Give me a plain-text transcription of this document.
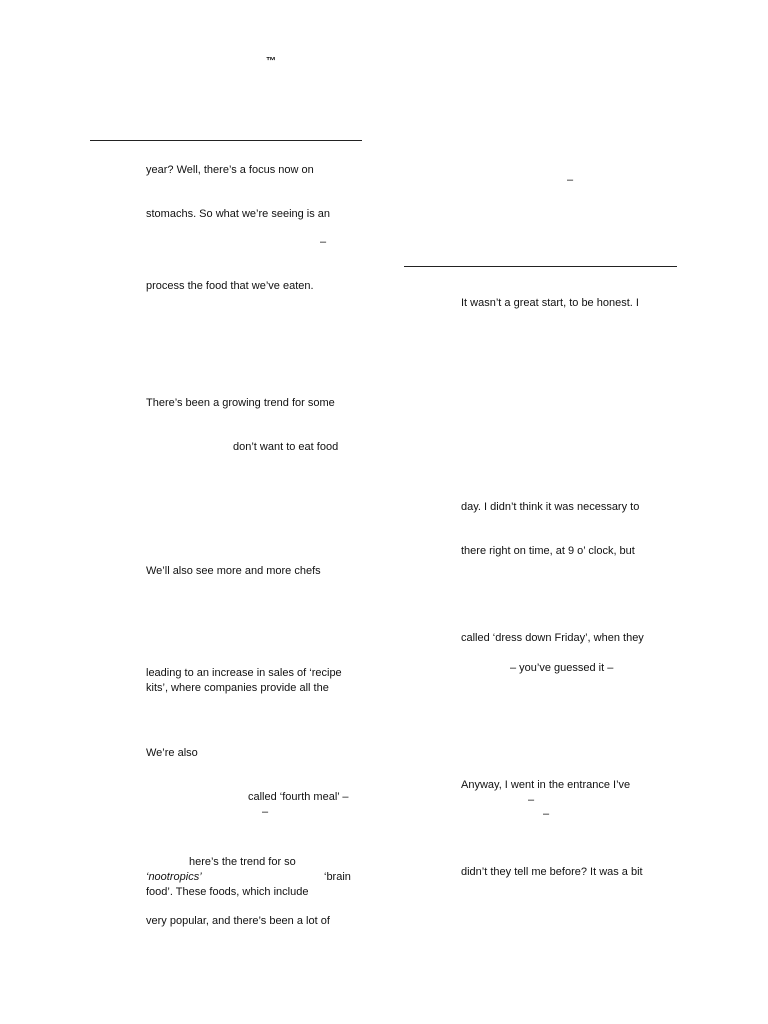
™
year? Well, there’s a focus now on
stomachs. So what we’re seeing is an
–
process the food that we’ve eaten.
There’s been a growing trend for some
don’t want to eat food
We’ll also see more and more chefs
leading to an increase in sales of ‘recipe
kits’, where companies provide all the
We’re also
called ‘fourth meal’ –
–
here’s the trend for so
‘nootropics’	‘brain
food’. These foods, which include
very popular, and there’s been a lot of
–
It wasn’t a great start, to be honest. I
day. I didn’t think it was necessary to
there right on time, at 9 o’ clock, but
called ‘dress down Friday’, when they
– you’ve guessed it –
Anyway, I went in the entrance I’ve
–
–
didn’t they tell me before? It was a bit
